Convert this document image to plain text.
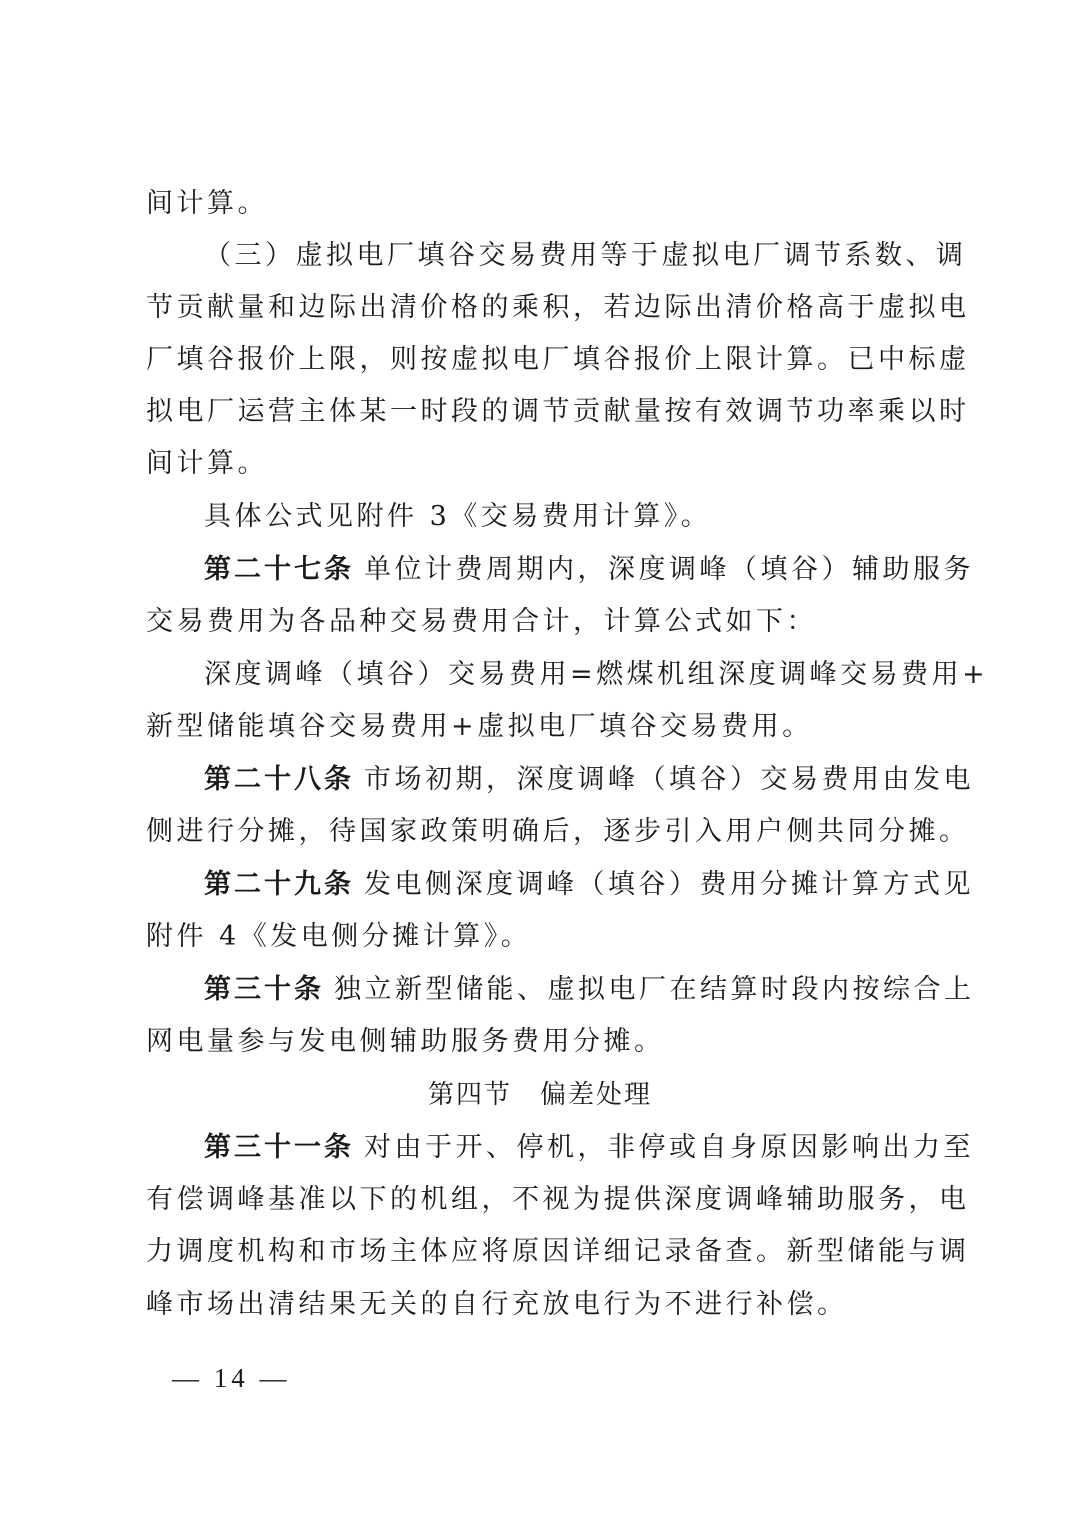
间计算。
（三）虚拟电厂填谷交易费用等于虚拟电厂调节系数、调
节贡献量和边际出清价格的乘积，若边际出清价格高于虚拟电
厂填谷报价上限，则按虚拟电厂填谷报价上限计算。已中标虚
拟电厂运营主体某一时段的调节贡献量按有效调节功率乘以时
间计算。
具体公式见附件 3《交易费用计算》。
第二十七条 单位计费周期内，深度调峰（填谷）辅助服务
交易费用为各品种交易费用合计，计算公式如下：
深度调峰（填谷）交易费用=燃煤机组深度调峰交易费用+
新型储能填谷交易费用+虚拟电厂填谷交易费用。
第二十八条 市场初期，深度调峰（填谷）交易费用由发电
侧进行分摊，待国家政策明确后，逐步引入用户侧共同分摊。
第二十九条 发电侧深度调峰（填谷）费用分摊计算方式见
附件 4《发电侧分摊计算》。
第三十条 独立新型储能、虚拟电厂在结算时段内按综合上
网电量参与发电侧辅助服务费用分摊。
第四节 偏差处理
第三十一条 对由于开、停机，非停或自身原因影响出力至
有偿调峰基准以下的机组，不视为提供深度调峰辅助服务，电
力调度机构和市场主体应将原因详细记录备查。新型储能与调
峰市场出清结果无关的自行充放电行为不进行补偿。
— 14 —
